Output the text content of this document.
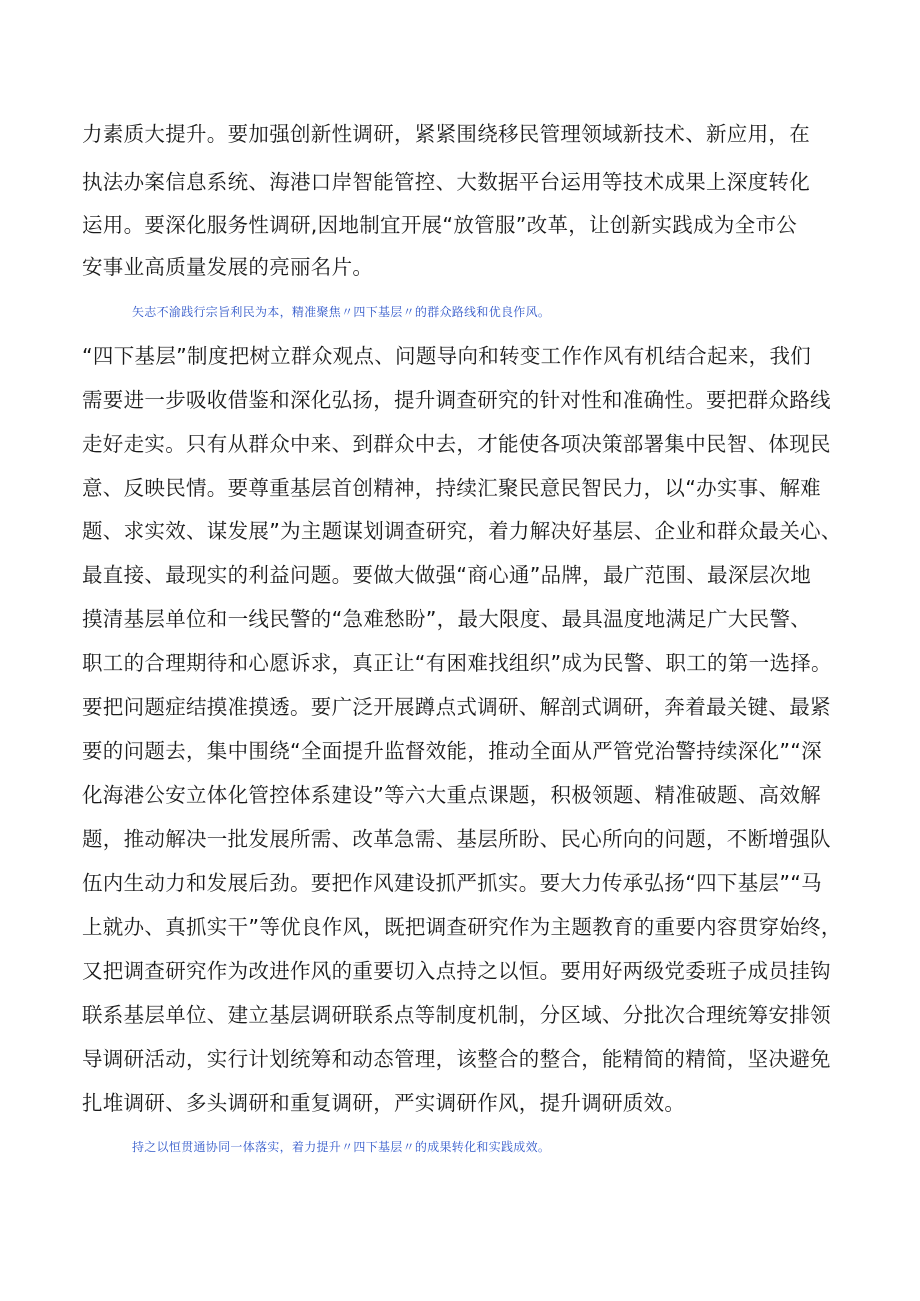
力素质大提升。要加强创新性调研，紧紧围绕移民管理领域新技术、新应用，在
执法办案信息系统、海港口岸智能管控、大数据平台运用等技术成果上深度转化
运用。要深化服务性调研,因地制宜开展“放管服”改革，让创新实践成为全市公
安事业高质量发展的亮丽名片。
矢志不渝践行宗旨利民为本，精准聚焦〃四下基层〃的群众路线和优良作风。
“四下基层”制度把树立群众观点、问题导向和转变工作作风有机结合起来，我们
需要进一步吸收借鉴和深化弘扬，提升调查研究的针对性和准确性。要把群众路线
走好走实。只有从群众中来、到群众中去，才能使各项决策部署集中民智、体现民
意、反映民情。要尊重基层首创精神，持续汇聚民意民智民力，以“办实事、解难
题、求实效、谋发展”为主题谋划调查研究，着力解决好基层、企业和群众最关心、
最直接、最现实的利益问题。要做大做强“商心通”品牌，最广范围、最深层次地
摸清基层单位和一线民警的“急难愁盼”，最大限度、最具温度地满足广大民警、
职工的合理期待和心愿诉求，真正让“有困难找组织”成为民警、职工的第一选择。
要把问题症结摸准摸透。要广泛开展蹲点式调研、解剖式调研，奔着最关键、最紧
要的问题去，集中围绕“全面提升监督效能，推动全面从严管党治警持续深化”“深
化海港公安立体化管控体系建设”等六大重点课题，积极领题、精准破题、高效解
题，推动解决一批发展所需、改革急需、基层所盼、民心所向的问题，不断增强队
伍内生动力和发展后劲。要把作风建设抓严抓实。要大力传承弘扬“四下基层”“马
上就办、真抓实干”等优良作风，既把调查研究作为主题教育的重要内容贯穿始终，
又把调查研究作为改进作风的重要切入点持之以恒。要用好两级党委班子成员挂钩
联系基层单位、建立基层调研联系点等制度机制，分区域、分批次合理统筹安排领
导调研活动，实行计划统筹和动态管理，该整合的整合，能精简的精简，坚决避免
扎堆调研、多头调研和重复调研，严实调研作风，提升调研质效。
持之以恒贯通协同一体落实，着力提升〃四下基层〃的成果转化和实践成效。
